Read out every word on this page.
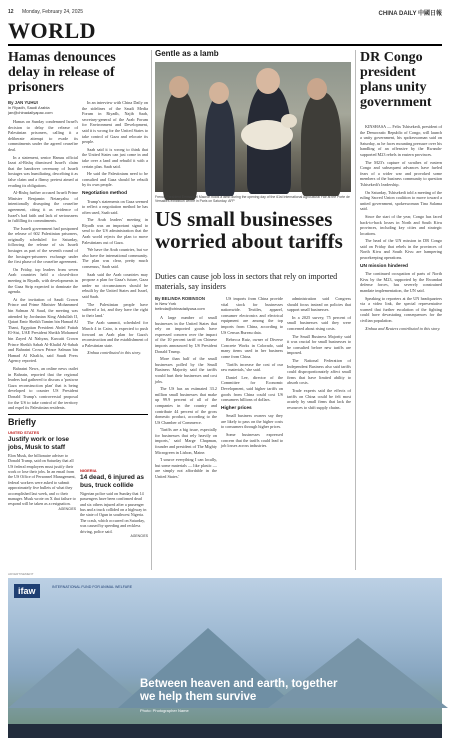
12 Monday, February 24, 2025	CHINA DAILY 中國日報
WORLD
Hamas denounces delay in release of prisoners
By JAN YUHUI
in Riyadh, Saudi Arabia
jan@chinadailyapac.com

Hamas on Sunday condemned Israel's decision to delay the release of Palestinian prisoners, calling it a deliberate attempt to evade its commitments under the agreed ceasefire deal.

In a statement, senior Hamas official Izzat al-Rishq dismissed Israel's claim that the handover ceremony of Israeli hostages was humiliating, describing it as false claim and a flimsy pretext aimed at evading its obligations.

Al-Rishq further accused Israeli Prime Minister Benjamin Netanyahu of intentionally disrupting the ceasefire agreement, citing it as evidence of Israel's bad faith and lack of seriousness in fulfilling its commitments.

The Israeli government had postponed the release of 602 Palestinian prisoners, originally scheduled for Saturday, following the release of six Israeli hostages as part of the seventh round of the hostages-prisoners exchange under the first phase of the ceasefire agreement.

On Friday, top leaders from seven Arab countries held a closed-door meeting in Riyadh, with developments in the Gaza Strip expected to dominate the agenda.

At the invitation of Saudi Crown Prince and Prime Minister Mohammed bin Salman Al Saud, the meeting was attended by Jordanian King Abdullah II, Qatari Emir Sheikh Tamim bin Hamad Al Thani, Egyptian President Abdel Fattah El-Sisi, UAE President Sheikh Mohamed bin Zayed Al Nahyan, Kuwaiti Crown Prince Sheikh Sabah Al-Khalid Al-Sabah and Bahraini Crown Prince Salman bin Hamad Al Khalifa, said Saudi Press Agency reported.

Bahraini News, an online news outlet in Bahrain, reported that the regional leaders had gathered to discuss a 'postwar Gaza reconstruction plan' that is being developed to counter US President Donald Trump's controversial proposal for the US to take control of the territory and expel its Palestinian residents.

In an interview with China Daily on the sidelines of the Saudi Media Forum in Riyadh, Najib Saab, secretary-general of the Arab Forum for Environment and Development, said it is wrong for the United States to take control of Gaza and relocate its people.

Saab said it is wrong to think that the United States can just come in and take over a land and rebuild it with a certain plan. Saab said.

He said the Palestinians need to be consulted and Gaza should be rebuilt by its own people.

Negotiation method

Trump's statements on Gaza seemed to reflect a negotiation method he has often used, Saab said.

The Arab leaders' meeting in Riyadh was an important signal to send to the US administration that the Arab world rejects the plan to move Palestinians out of Gaza.

'We have the Arab countries, but we also have the international community. The plan was clear, pretty much consensus,' Saab said.

Saab said the Arab countries may propose a plan for Gaza's future, Gaza under no circumstances should be rebuilt by the United States and Israel, said Saab.

'The Palestinian people have suffered a lot, and they have the right to their land.'

The Arab summit, scheduled for March 4 in Cairo, is expected to push forward an Arab plan for Gaza's reconstruction and the establishment of a Palestinian state.

Xinhua contributed to this story.

Gentle as a lamb
French President Emmanuel Macron holds a lamb during the opening day of the 61st International Agricultural Fair at the Porte de Versailles exhibition centre in Paris on Saturday. AFP
US small businesses worried about tariffs
Duties can cause job loss in sectors that rely on imported materials, say insiders
By BELINDA ROBINSON
in New York
belinda@chinadailyusa.com

A large number of small businesses in the United States that rely on imported goods have expressed concern over the impact of the 10 percent tariff on Chinese imports announced by US President Donald Trump.

More than half of the small businesses polled by the Small Business Majority said the tariffs would hurt their businesses and cost jobs.

The US has an estimated 33.2 million small businesses that make up 99.9 percent of all of the companies in the country and contribute 44 percent of the gross domestic product, according to the US Chamber of Commerce.

'Tariffs are a big issue, especially for businesses that rely heavily on imports,' said Marge Chapman, founder and president of The Mighty Microgreen in Lisbon, Maine.

'I source everything I can locally, but some materials — like plastic — are simply not affordable in the United States.'

US imports from China provide vital stock for businesses nationwide. Textiles, apparel, consumer electronics and electrical equipment are among the top imports from China, according to US Census Bureau data.

Rebecca Ruiz, owner of Diverse Concrete Works in Colorado, said many items used in her business come from China.

'Tariffs increase the cost of our raw materials,' she said.

Daniel Lee, director of the Committee for Economic Development, said higher tariffs on goods from China could cost US consumers billions of dollars.

Higher prices

Small business owners say they are likely to pass on the higher costs to consumers through higher prices.

Some businesses expressed concern that the tariffs could lead to job losses across industries.

administration said Congress should focus instead on policies that support small businesses.

In a 2025 survey, 75 percent of small businesses said they were concerned about rising costs.

The Small Business Majority said it was crucial for small businesses to be consulted before new tariffs are imposed.

The National Federation of Independent Business also said tariffs could disproportionately affect small firms that have limited ability to absorb costs.

Trade experts said the effects of tariffs on China could be felt most acutely by small firms that lack the resources to shift supply chains.

DR Congo president plans unity government

KINSHASA — Felix Tshisekedi, president of the Democratic Republic of Congo, will launch a unity government, his spokeswoman said on Saturday, as he faces mounting pressure over his handling of an offensive by the Rwanda-supported M23 rebels in eastern provinces.

The M23's capture of swathes of eastern Congo and subsequent advances have fueled fears of a wider war and provoked some members of the business community to question Tshisekedi's leadership.

On Saturday, Tshisekedi told a meeting of the ruling Sacred Union coalition to move toward a united government, spokeswoman Tina Salama said.

Since the start of the year, Congo has faced back-to-back losses in North and South Kivu provinces, including key cities and strategic locations.

The head of the UN mission in DR Congo said on Friday that rebels in the provinces of North Kivu and South Kivu are hampering peacekeeping operations.

UN mission hindered

The continued occupation of parts of North Kivu by the M23, supported by the Rwandan defense forces, has severely constrained mandate implementation, the UN said.

Speaking to reporters at the UN headquarters via a video link, the special representative warned that further escalation of the fighting could have devastating consequences for the civilian population.

Xinhua and Reuters contributed to this story.

Briefly
UNITED STATES
Justify work or lose jobs, Musk to staff
Elon Musk, the billionaire adviser to Donald Trump, said on Saturday that all US federal employees must justify their work or lose their jobs. In an email from the US Office of Personnel Management, federal workers were asked to submit approximately five bullets of what they accomplished last week, and cc their manager. Musk wrote on X that failure to respond will be taken as a resignation.
AGENCIES
NIGERIA
14 dead, 6 injured as bus, truck collide
Nigerian police said on Sunday that 14 passengers have been confirmed dead and six others injured after a passenger bus and a truck collided on a highway in the state of Ogun in southwest Nigeria. The crash, which occurred on Saturday, was caused by speeding and reckless driving, police said.
AGENCIES
ADVERTISEMENT
ifaw	INTERNATIONAL FUND FOR ANIMAL WELFARE
Between heaven and earth, together we help them survive
Photo: Photographer Name
